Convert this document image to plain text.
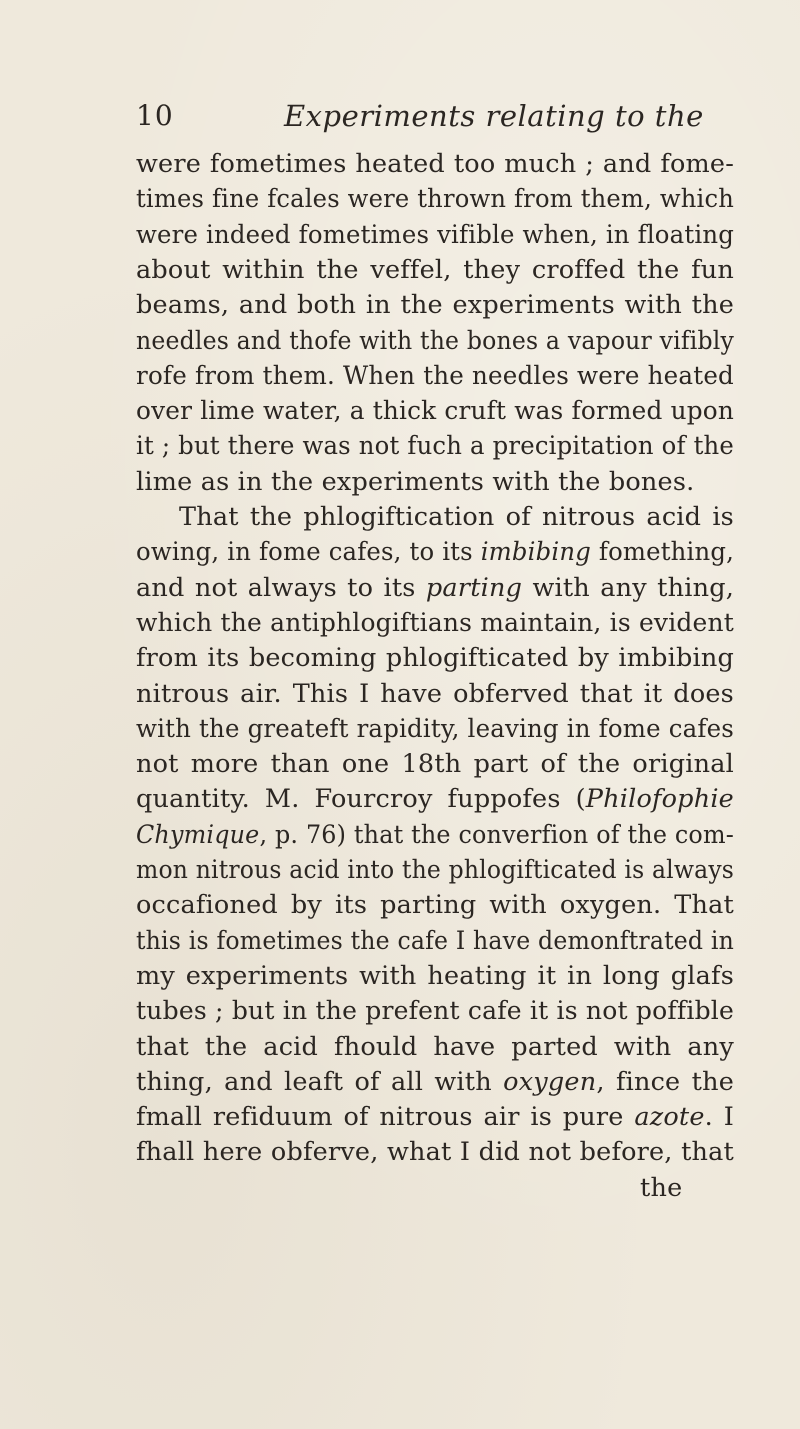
10	Experiments relating to the
were fometimes heated too much ; and fome-
times fine fcales were thrown from them, which
were indeed fometimes vifible when, in floating
about within the veffel, they croffed the fun
beams, and both in the experiments with the
needles and thofe with the bones a vapour vifibly
rofe from them. When the needles were heated
over lime water, a thick cruft was formed upon
it ; but there was not fuch a precipitation of the
lime as in the experiments with the bones.
That the phlogiftication of nitrous acid is
owing, in fome cafes, to its imbibing fomething,
and not always to its parting with any thing,
which the antiphlogiftians maintain, is evident
from its becoming phlogifticated by imbibing
nitrous air. This I have obferved that it does
with the greateft rapidity, leaving in fome cafes
not more than one 18th part of the original
quantity. M. Fourcroy fuppofes (Philofophie
Chymique, p. 76) that the converfion of the com-
mon nitrous acid into the phlogifticated is always
occafioned by its parting with oxygen. That
this is fometimes the cafe I have demonftrated in
my experiments with heating it in long glafs
tubes ; but in the prefent cafe it is not poffible
that the acid fhould have parted with any
thing, and leaft of all with oxygen, fince the
fmall refiduum of nitrous air is pure azote. I
fhall here obferve, what I did not before, that
the
